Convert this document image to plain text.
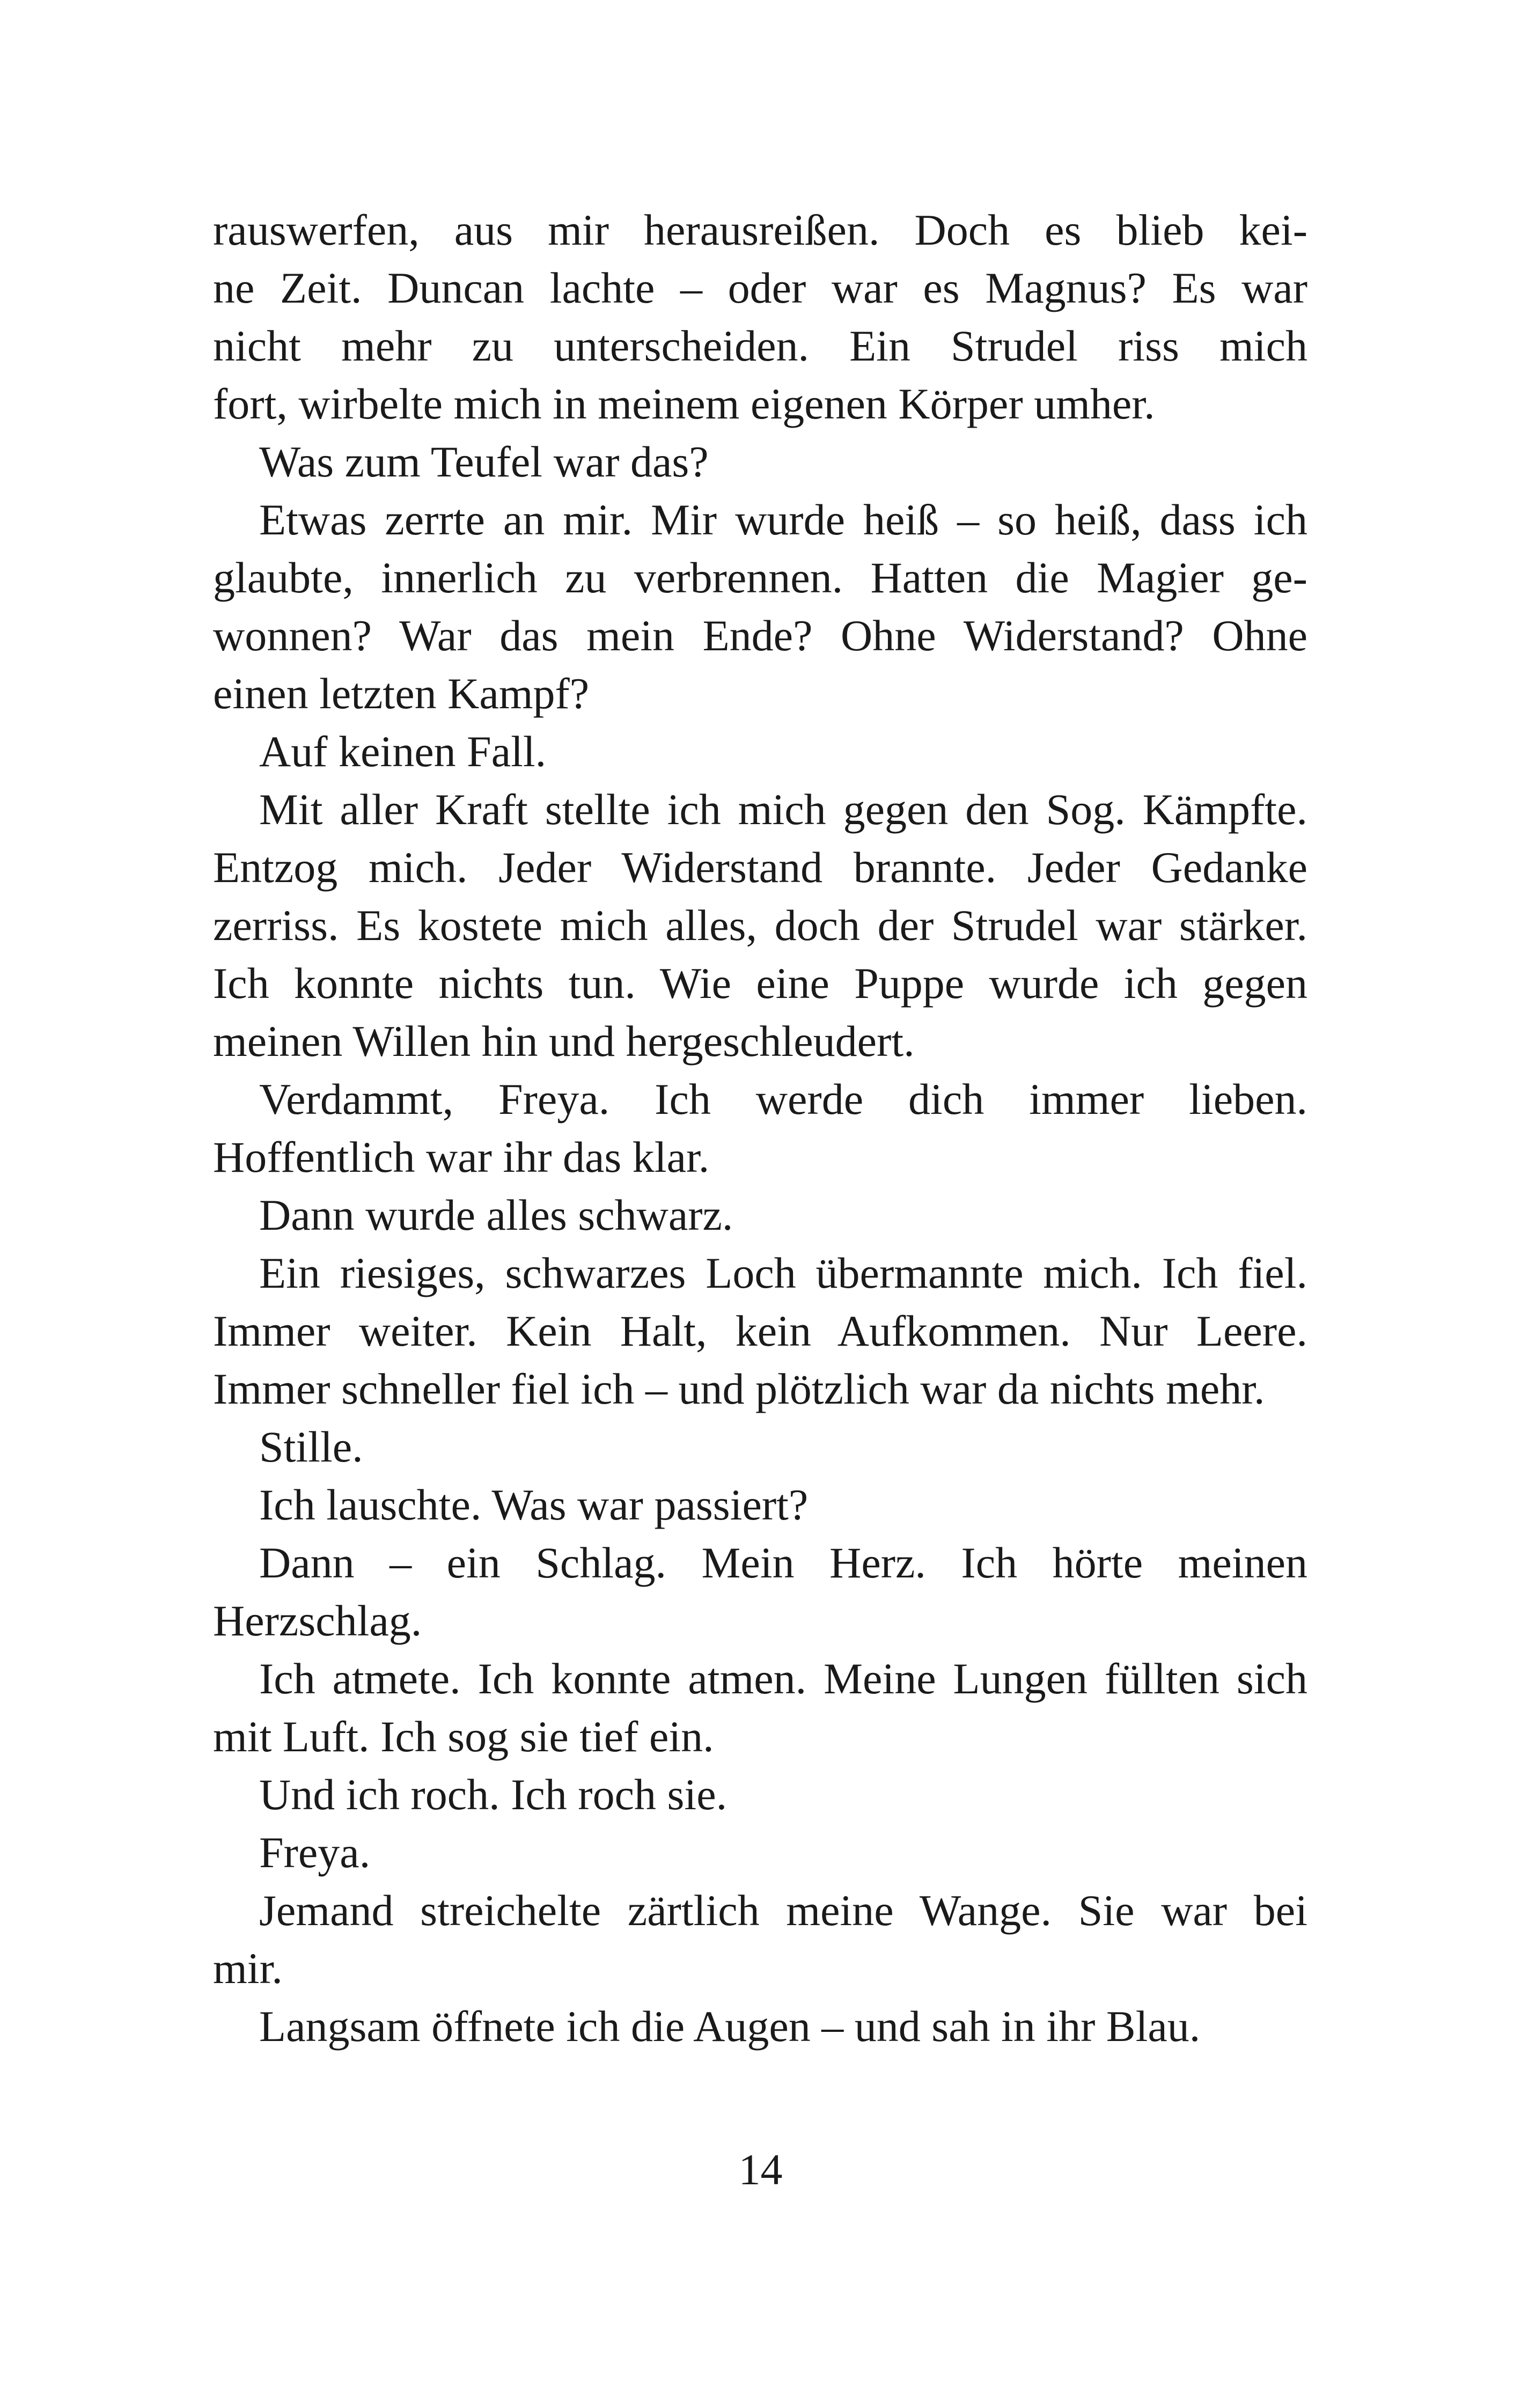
rauswerfen, aus mir herausreißen. Doch es blieb kei-
ne Zeit. Duncan lachte – oder war es Magnus? Es war
nicht mehr zu unterscheiden. Ein Strudel riss mich
fort, wirbelte mich in meinem eigenen Körper umher.
Was zum Teufel war das?
Etwas zerrte an mir. Mir wurde heiß – so heiß, dass ich
glaubte, innerlich zu verbrennen. Hatten die Magier ge-
wonnen? War das mein Ende? Ohne Widerstand? Ohne
einen letzten Kampf?
Auf keinen Fall.
Mit aller Kraft stellte ich mich gegen den Sog. Kämpfte.
Entzog mich. Jeder Widerstand brannte. Jeder Gedanke
zerriss. Es kostete mich alles, doch der Strudel war stärker.
Ich konnte nichts tun. Wie eine Puppe wurde ich gegen
meinen Willen hin und hergeschleudert.
Verdammt, Freya. Ich werde dich immer lieben.
Hoffentlich war ihr das klar.
Dann wurde alles schwarz.
Ein riesiges, schwarzes Loch übermannte mich. Ich fiel.
Immer weiter. Kein Halt, kein Aufkommen. Nur Leere.
Immer schneller fiel ich – und plötzlich war da nichts mehr.
Stille.
Ich lauschte. Was war passiert?
Dann – ein Schlag. Mein Herz. Ich hörte meinen
Herzschlag.
Ich atmete. Ich konnte atmen. Meine Lungen füllten sich
mit Luft. Ich sog sie tief ein.
Und ich roch. Ich roch sie.
Freya.
Jemand streichelte zärtlich meine Wange. Sie war bei
mir.
Langsam öffnete ich die Augen – und sah in ihr Blau.
14
